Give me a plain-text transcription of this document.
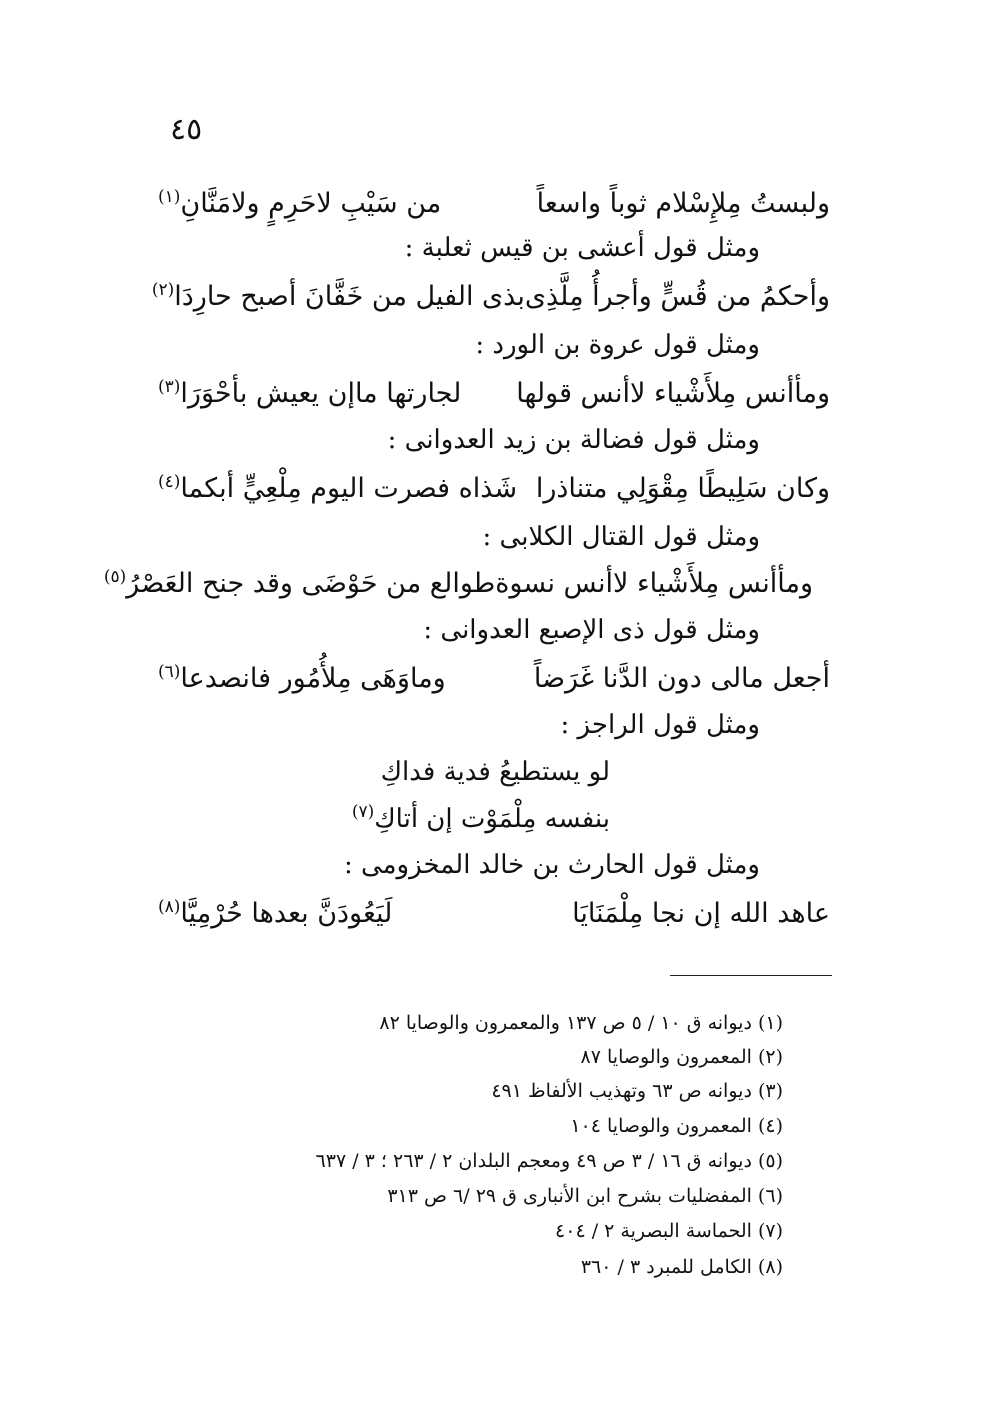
٤٥
ولبستُ مِلإِسْلام ثوباً واسعاً
من سَيْبِ لاحَرِمٍ ولامَنَّانِ$^{(١)}$
ومثل قول أعشى بن قيس ثعلبة :
وأحكمُ من قُسٍّ وأجرأُ مِلَّذِى
بذى الفيل من خَفَّانَ أصبح حارِدَا$^{(٢)}$
ومثل قول عروة بن الورد :
ومأأنس مِلأَشْياء لاأنس قولها
لجارتها ماإن يعيش بأحْوَرَا$^{(٣)}$
ومثل قول فضالة بن زيد العدوانى :
وكان سَلِيطًا مِقْوَلِي متناذرا
شَذاه فصرت اليوم مِلْعِيٍّ أبكما$^{(٤)}$
ومثل قول القتال الكلابى :
ومأأنس مِلأَشْياء لاأنس نسوة
طوالع من حَوْضَى وقد جنح العَصْرُ$^{(٥)}$
ومثل قول ذى الإصبع العدوانى :
أجعل مالى دون الدَّنا غَرَضاً
وماوَهَى مِلأُمُور فانصدعا$^{(٦)}$
ومثل قول الراجز :
لو يستطيعُ فدية فداكِ
بنفسه مِلْمَوْت إن أتاكِ$^{(٧)}$
ومثل قول الحارث بن خالد المخزومى :
عاهد الله إن نجا مِلْمَنَايَا
لَيَعُودَنَّ بعدها حُرْمِيَّا$^{(٨)}$
(١) ديوانه ق ١٠ / ٥ ص ١٣٧ والمعمرون والوصايا ٨٢
(٢) المعمرون والوصايا ٨٧
(٣) ديوانه ص ٦٣ وتهذيب الألفاظ ٤٩١
(٤) المعمرون والوصايا ١٠٤
(٥) ديوانه ق ١٦ / ٣ ص ٤٩ ومعجم البلدان ٢ / ٢٦٣ ؛ ٣ / ٦٣٧
(٦) المفضليات بشرح ابن الأنبارى ق ٢٩ /٦ ص ٣١٣
(٧) الحماسة البصرية ٢ / ٤٠٤
(٨) الكامل للمبرد ٣ / ٣٦٠
